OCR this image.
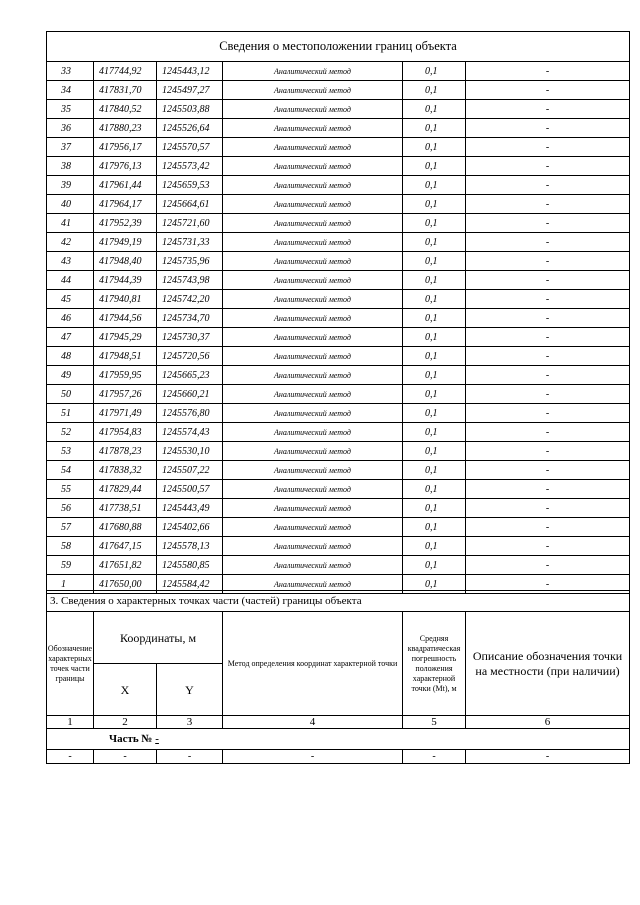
Сведения о местоположении границ объекта					
33	417744,92	1245443,12	Аналитический метод	0,1	-
34	417831,70	1245497,27	Аналитический метод	0,1	-
35	417840,52	1245503,88	Аналитический метод	0,1	-
36	417880,23	1245526,64	Аналитический метод	0,1	-
37	417956,17	1245570,57	Аналитический метод	0,1	-
38	417976,13	1245573,42	Аналитический метод	0,1	-
39	417961,44	1245659,53	Аналитический метод	0,1	-
40	417964,17	1245664,61	Аналитический метод	0,1	-
41	417952,39	1245721,60	Аналитический метод	0,1	-
42	417949,19	1245731,33	Аналитический метод	0,1	-
43	417948,40	1245735,96	Аналитический метод	0,1	-
44	417944,39	1245743,98	Аналитический метод	0,1	-
45	417940,81	1245742,20	Аналитический метод	0,1	-
46	417944,56	1245734,70	Аналитический метод	0,1	-
47	417945,29	1245730,37	Аналитический метод	0,1	-
48	417948,51	1245720,56	Аналитический метод	0,1	-
49	417959,95	1245665,23	Аналитический метод	0,1	-
50	417957,26	1245660,21	Аналитический метод	0,1	-
51	417971,49	1245576,80	Аналитический метод	0,1	-
52	417954,83	1245574,43	Аналитический метод	0,1	-
53	417878,23	1245530,10	Аналитический метод	0,1	-
54	417838,32	1245507,22	Аналитический метод	0,1	-
55	417829,44	1245500,57	Аналитический метод	0,1	-
56	417738,51	1245443,49	Аналитический метод	0,1	-
57	417680,88	1245402,66	Аналитический метод	0,1	-
58	417647,15	1245578,13	Аналитический метод	0,1	-
59	417651,82	1245580,85	Аналитический метод	0,1	-
1	417650,00	1245584,42	Аналитический метод	0,1	-
3. Сведения о характерных точках части (частей) границы объекта					
Обозначение характерных точек части границы	Координаты, м		Метод определения координат характерной точки	Средняя квадратическая погрешность положения характерной точки (Mt), м	Описание обозначения точки на местности (при наличии)
	X	Y			
1	2	3	4	5	6
Часть № -					
-	-	-	-	-	-
